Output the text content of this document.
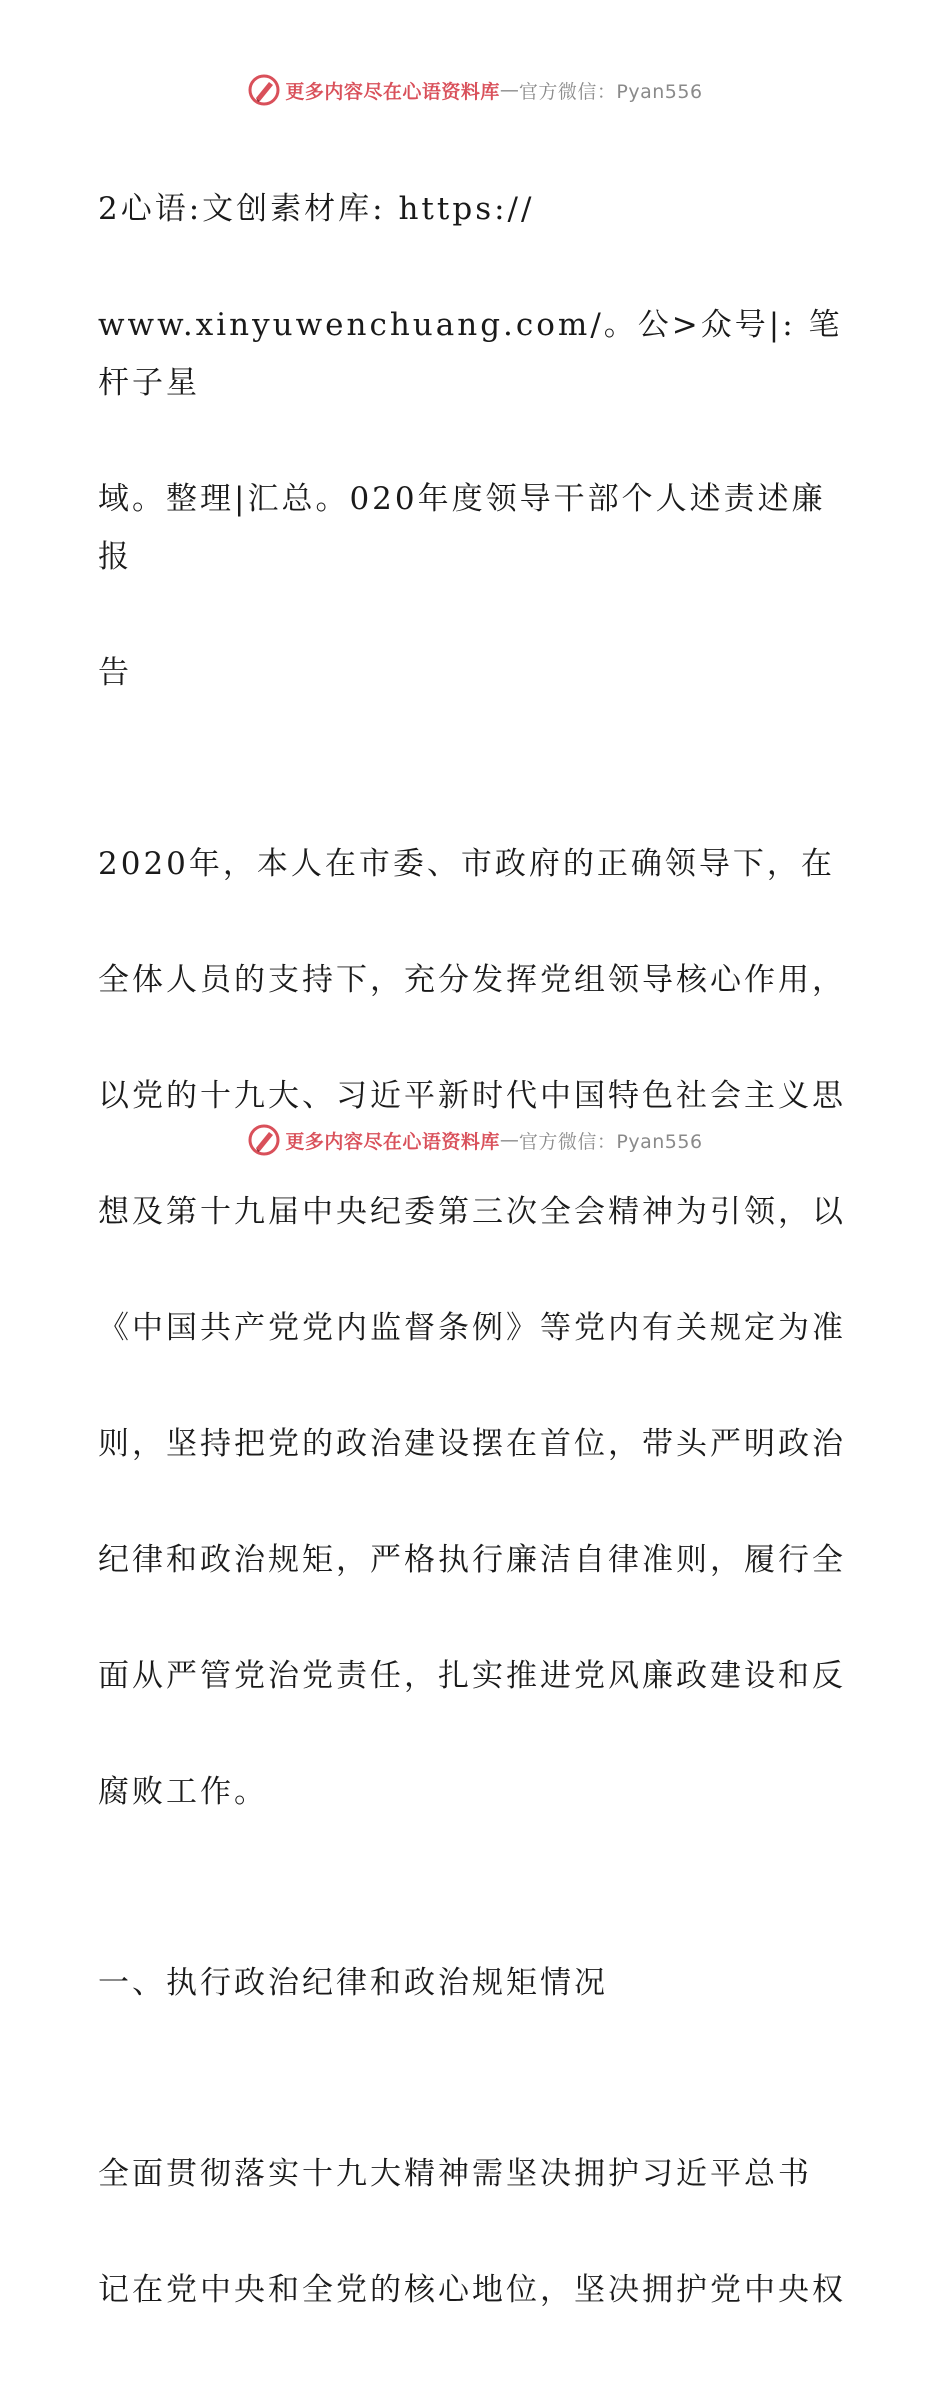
更多内容尽在心语资料库 — 官方微信：Pyan556

2心语:文创素材库: https://

www.xinyuwenchuang.com/。公>众号|: 笔杆子星

域。整理|汇总。020年度领导干部个人述责述廉报

告

2020年，本人在市委、市政府的正确领导下，在

全体人员的支持下，充分发挥党组领导核心作用，

以党的十九大、习近平新时代中国特色社会主义思

想及第十九届中央纪委第三次全会精神为引领，以

《中国共产党党内监督条例》等党内有关规定为准

则，坚持把党的政治建设摆在首位，带头严明政治

纪律和政治规矩，严格执行廉洁自律准则，履行全

面从严管党治党责任，扎实推进党风廉政建设和反

腐败工作。

一、执行政治纪律和政治规矩情况

全面贯彻落实十九大精神需坚决拥护习近平总书

记在党中央和全党的核心地位，坚决拥护党中央权

更多内容尽在心语资料库 — 官方微信：Pyan556
